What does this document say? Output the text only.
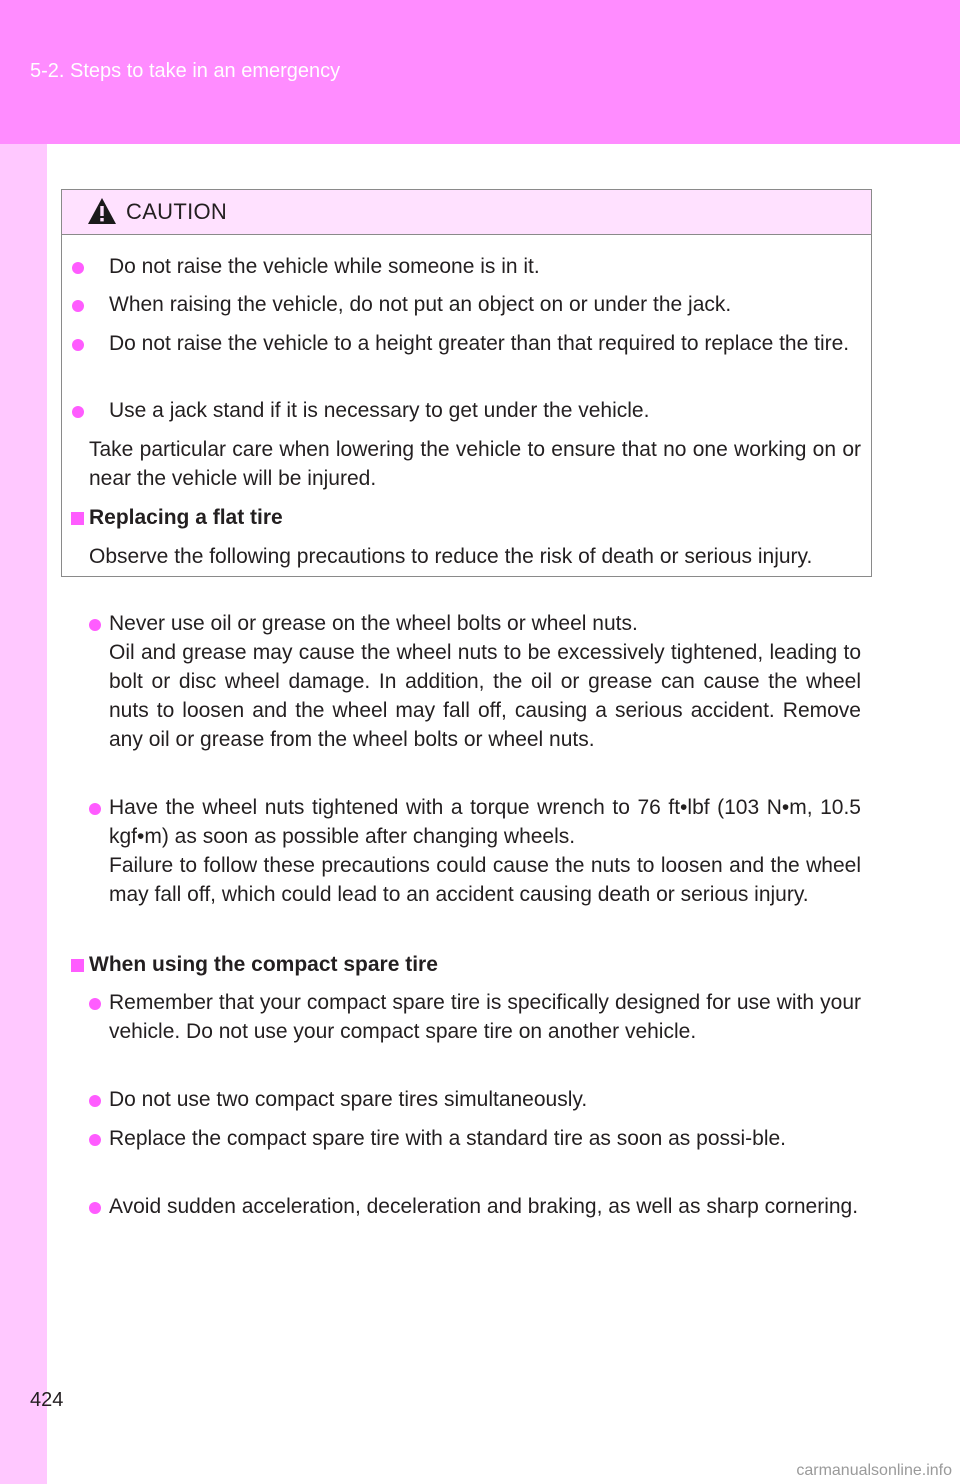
5-2. Steps to take in an emergency
424
carmanualsonline.info
CAUTION
Do not raise the vehicle while someone is in it.
When raising the vehicle, do not put an object on or under the jack.
Do not raise the vehicle to a height greater than that required to replace the tire.
Use a jack stand if it is necessary to get under the vehicle.
Take particular care when lowering the vehicle to ensure that no one working on or near the vehicle will be injured.
Replacing a flat tire
Observe the following precautions to reduce the risk of death or serious injury.
Never use oil or grease on the wheel bolts or wheel nuts.
Oil and grease may cause the wheel nuts to be excessively tightened, leading to bolt or disc wheel damage. In addition, the oil or grease can cause the wheel nuts to loosen and the wheel may fall off, causing a serious accident. Remove any oil or grease from the wheel bolts or wheel nuts.
Have the wheel nuts tightened with a torque wrench to 76 ft•lbf (103 N•m, 10.5 kgf•m) as soon as possible after changing wheels.
Failure to follow these precautions could cause the nuts to loosen and the wheel may fall off, which could lead to an accident causing death or serious injury.
When using the compact spare tire
Remember that your compact spare tire is specifically designed for use with your vehicle. Do not use your compact spare tire on another vehicle.
Do not use two compact spare tires simultaneously.
Replace the compact spare tire with a standard tire as soon as possi-ble.
Avoid sudden acceleration, deceleration and braking, as well as sharp cornering.
